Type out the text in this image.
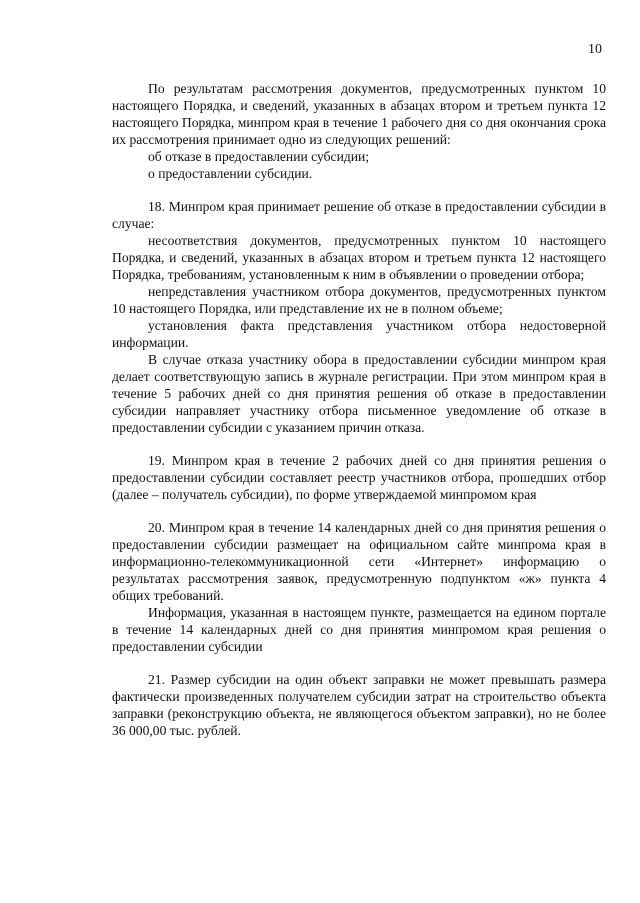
10
По результатам рассмотрения документов, предусмотренных пунктом 10 настоящего Порядка, и сведений, указанных в абзацах втором и третьем пункта 12 настоящего Порядка, минпром края в течение 1 рабочего дня со дня окончания срока их рассмотрения принимает одно из следующих решений:
об отказе в предоставлении субсидии;
о предоставлении субсидии.
18. Минпром края принимает решение об отказе в предоставлении субсидии в случае:
несоответствия документов, предусмотренных пунктом 10 настоящего Порядка, и сведений, указанных в абзацах втором и третьем пункта 12 настоящего Порядка, требованиям, установленным к ним в объявлении о проведении отбора;
непредставления участником отбора документов, предусмотренных пунктом 10 настоящего Порядка, или представление их не в полном объеме;
установления факта представления участником отбора недостоверной информации.
В случае отказа участнику обора в предоставлении субсидии минпром края делает соответствующую запись в журнале регистрации. При этом минпром края в течение 5 рабочих дней со дня принятия решения об отказе в предоставлении субсидии направляет участнику отбора письменное уведомление об отказе в предоставлении субсидии с указанием причин отказа.
19. Минпром края в течение 2 рабочих дней со дня принятия решения о предоставлении субсидии составляет реестр участников отбора, прошедших отбор (далее – получатель субсидии), по форме утверждаемой минпромом края
20. Минпром края в течение 14 календарных дней со дня принятия решения о предоставлении субсидии размещает на официальном сайте минпрома края в информационно-телекоммуникационной сети «Интернет» информацию о результатах рассмотрения заявок, предусмотренную подпунктом «ж» пункта 4 общих требований.
Информация, указанная в настоящем пункте, размещается на едином портале в течение 14 календарных дней со дня принятия минпромом края решения о предоставлении субсидии
21. Размер субсидии на один объект заправки не может превышать размера фактически произведенных получателем субсидии затрат на строительство объекта заправки (реконструкцию объекта, не являющегося объектом заправки), но не более 36 000,00 тыс. рублей.
